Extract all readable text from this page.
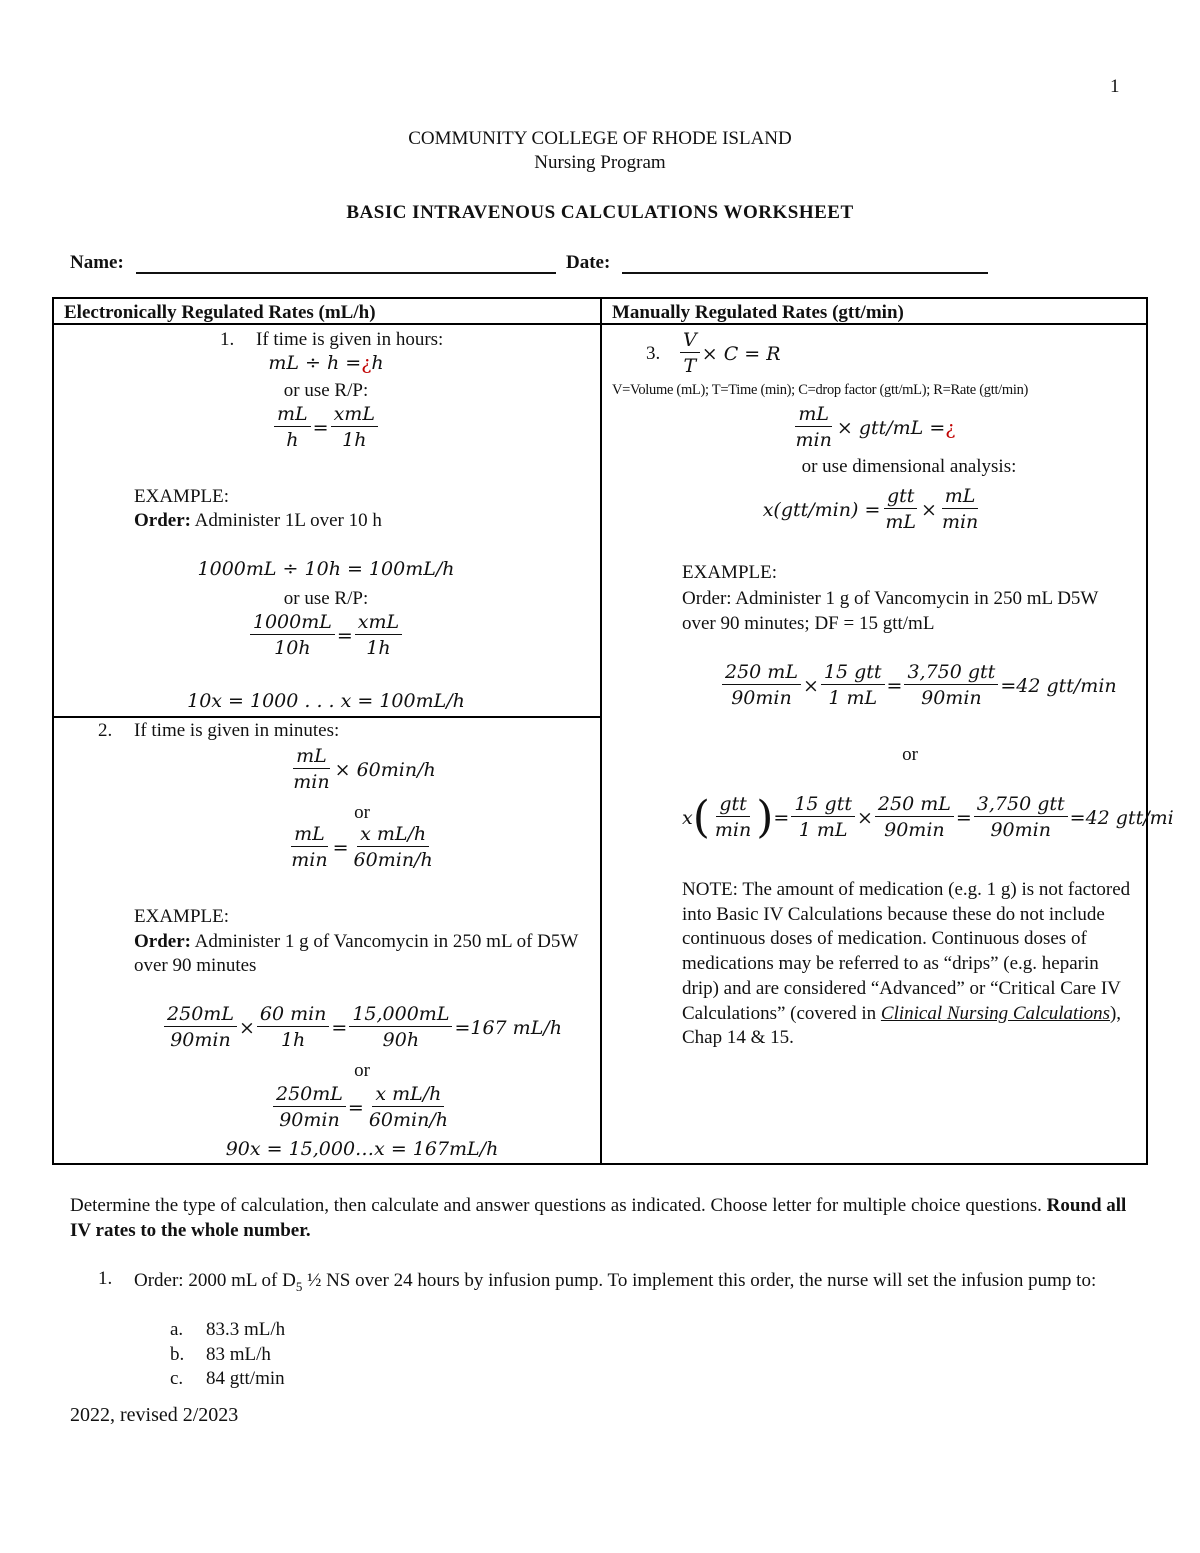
1
COMMUNITY COLLEGE OF RHODE ISLAND
Nursing Program
BASIC INTRAVENOUS CALCULATIONS WORKSHEET
Name:	Date:
Electronically Regulated Rates (mL/h)	Manually Regulated Rates (gtt/min)
1. If time is given in hours:
mL ÷ h = ¿ h
or use R/P:
$\frac{mL}{h} = \frac{\text{xmL}}{1h}$
EXAMPLE:
Order: Administer 1L over 10 h
1000mL ÷ 10h = 100mL/h
or use R/P:
$\frac{1000mL}{10h} = \frac{\text{xmL}}{1h}$
10x = 1000 . . . x = 100mL/h
2. If time is given in minutes:
$\frac{mL}{\min} \times 60\min/h$
or
$\frac{mL}{\min} = \frac{\text{x mL/h}}{60\min/h}$
EXAMPLE:
Order: Administer 1 g of Vancomycin in 250 mL of D5W over 90 minutes
$\frac{250mL}{90\min} \times \frac{60 \min}{1h} = \frac{15,000mL}{90h} =167$ mL/h
or
$\frac{250mL}{90\min} = \frac{\text{x mL/h}}{60\min/h}$
90x = 15,000…x = 167mL/h
3. $\frac{V}{T} \times C = R$
V=Volume (mL); T=Time (min); C=drop factor (gtt/mL); R=Rate (gtt/min)
$\frac{mL}{\min} \times gtt/mL$ = ¿
or use dimensional analysis:
$x(gtt/\min) = \frac{\text{gtt}}{mL} \times \frac{mL}{\min}$
EXAMPLE:
Order: Administer 1 g of Vancomycin in 250 mL D5W over 90 minutes; DF = 15 gtt/mL
$\frac{250 mL}{90\min} \times \frac{\text{15 gtt}}{1 mL} = \frac{\text{3,750 gtt}}{90\min} =42$ gtt/min
or
x ( $\frac{\text{gtt}}{\min}$ ) = $\frac{\text{15 gtt}}{1 mL} \times \frac{250 mL}{90\min} = \frac{\text{3,750 gtt}}{90\min} =42$ gtt/mi
NOTE: The amount of medication (e.g. 1 g) is not factored into Basic IV Calculations because these do not include continuous doses of medication. Continuous doses of medications may be referred to as “drips” (e.g. heparin drip) and are considered “Advanced” or “Critical Care IV Calculations” (covered in Clinical Nursing Calculations), Chap 14 & 15.
Determine the type of calculation, then calculate and answer questions as indicated. Choose letter for multiple choice questions. Round all IV rates to the whole number.
1. Order: 2000 mL of $D_5$ ½ NS over 24 hours by infusion pump. To implement this order, the nurse will set the infusion pump to:
a. 83.3 mL/h
b. 83 mL/h
c. 84 gtt/min
2022, revised 2/2023
